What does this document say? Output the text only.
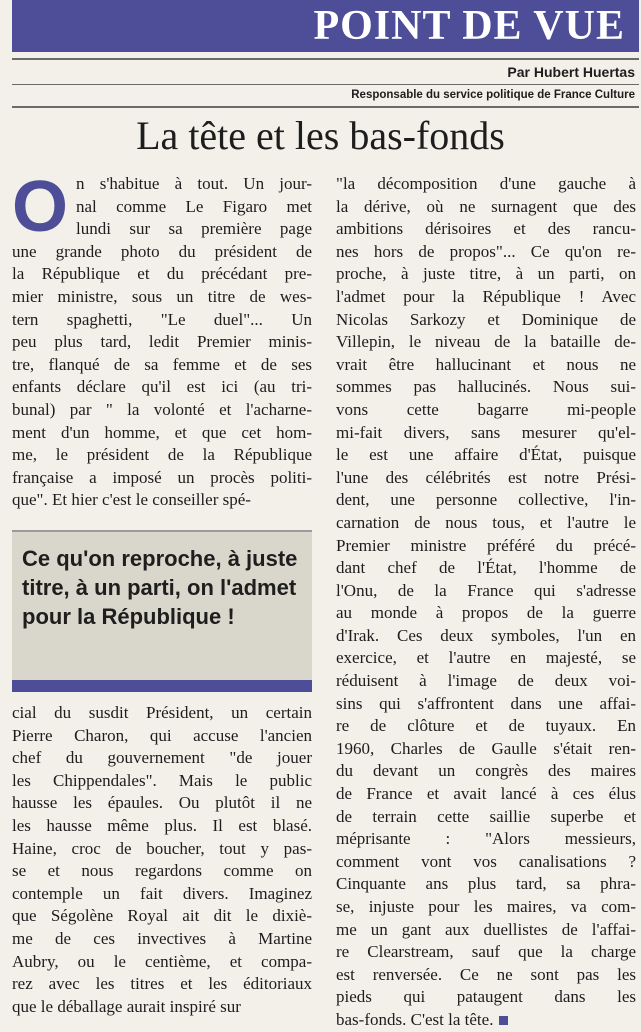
POINT DE VUE
Par Hubert Huertas
Responsable du service politique de France Culture
La tête et les bas-fonds
O n s'habitue à tout. Un jour-
nal comme Le Figaro met
lundi sur sa première page
une grande photo du président de
la République et du précédant pre-
mier ministre, sous un titre de wes-
tern spaghetti, "Le duel"... Un
peu plus tard, ledit Premier minis-
tre, flanqué de sa femme et de ses
enfants déclare qu'il est ici (au tri-
bunal) par " la volonté et l'acharne-
ment d'un homme, et que cet hom-
me, le président de la République
française a imposé un procès politi-
que". Et hier c'est le conseiller spé-
Ce qu'on reproche, à juste titre, à un parti, on l'admet pour la République !
cial du susdit Président, un certain
Pierre Charon, qui accuse l'ancien
chef du gouvernement "de jouer
les Chippendales". Mais le public
hausse les épaules. Ou plutôt il ne
les hausse même plus. Il est blasé.
Haine, croc de boucher, tout y pas-
se et nous regardons comme on
contemple un fait divers. Imaginez
que Ségolène Royal ait dit le dixiè-
me de ces invectives à Martine
Aubry, ou le centième, et compa-
rez avec les titres et les éditoriaux
que le déballage aurait inspiré sur
"la décomposition d'une gauche à
la dérive, où ne surnagent que des
ambitions dérisoires et des rancu-
nes hors de propos"... Ce qu'on re-
proche, à juste titre, à un parti, on
l'admet pour la République ! Avec
Nicolas Sarkozy et Dominique de
Villepin, le niveau de la bataille de-
vrait être hallucinant et nous ne
sommes pas hallucinés. Nous sui-
vons cette bagarre mi-people
mi-fait divers, sans mesurer qu'el-
le est une affaire d'État, puisque
l'une des célébrités est notre Prési-
dent, une personne collective, l'in-
carnation de nous tous, et l'autre le
Premier ministre préféré du précé-
dant chef de l'État, l'homme de
l'Onu, de la France qui s'adresse
au monde à propos de la guerre
d'Irak. Ces deux symboles, l'un en
exercice, et l'autre en majesté, se
réduisent à l'image de deux voi-
sins qui s'affrontent dans une affai-
re de clôture et de tuyaux. En
1960, Charles de Gaulle s'était ren-
du devant un congrès des maires
de France et avait lancé à ces élus
de terrain cette saillie superbe et
méprisante : "Alors messieurs,
comment vont vos canalisations ?
Cinquante ans plus tard, sa phra-
se, injuste pour les maires, va com-
me un gant aux duellistes de l'affai-
re Clearstream, sauf que la charge
est renversée. Ce ne sont pas les
pieds qui pataugent dans les
bas-fonds. C'est la tête.
